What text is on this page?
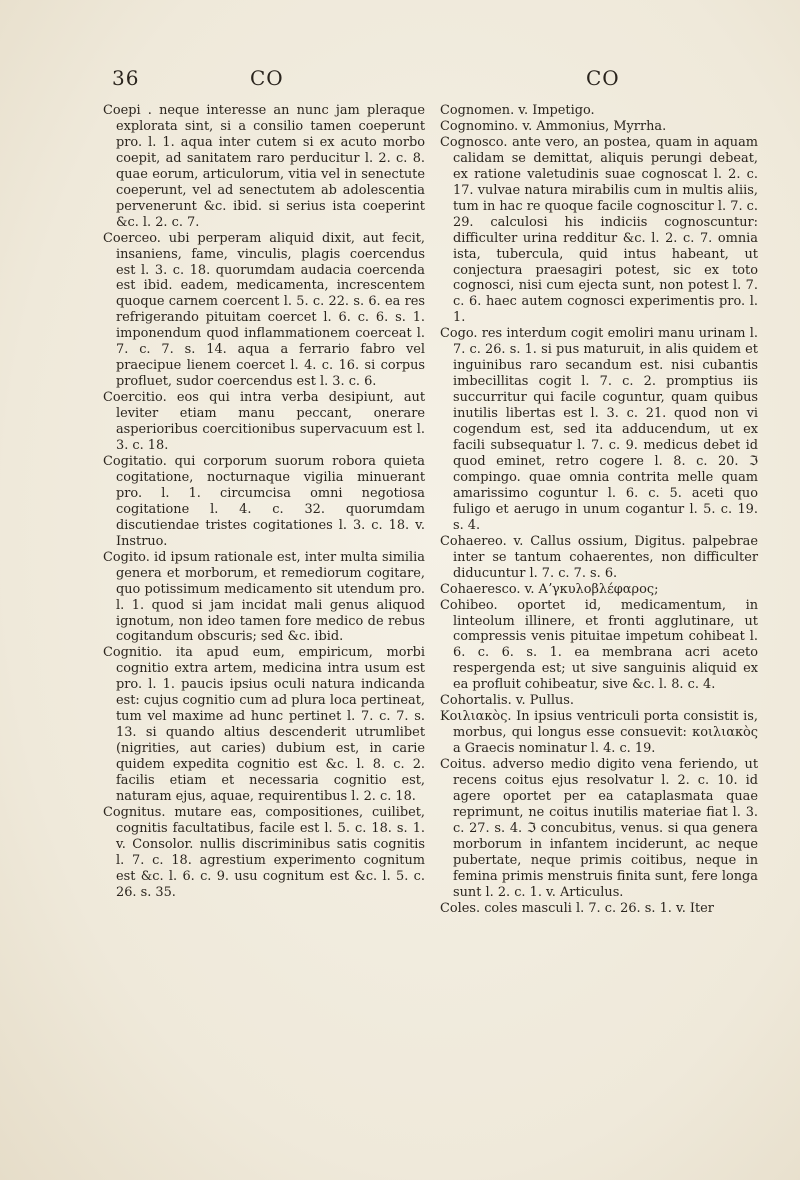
36	CO	CO

Coepi . neque interesse an nunc jam pleraque explorata sint, si a consilio tamen coeperunt pro. l. 1. aqua inter cutem si ex acuto morbo coepit, ad sanitatem raro perducitur l. 2. c. 8. quae eorum, articulorum, vitia vel in senectute coeperunt, vel ad senectutem ab adolescentia pervenerunt &c. ibid. si serius ista coeperint &c. l. 2. c. 7.

Coerceo. ubi perperam aliquid dixit, aut fecit, insaniens, fame, vinculis, plagis coercendus est l. 3. c. 18. quorumdam audacia coercenda est ibid. eadem, medicamenta, increscentem quoque carnem coercent l. 5. c. 22. s. 6. ea res refrigerando pituitam coercet l. 6. c. 6. s. 1. imponendum quod inflammationem coerceat l. 7. c. 7. s. 14. aqua a ferrario fabro vel praecipue lienem coercet l. 4. c. 16. si corpus profluet, sudor coercendus est l. 3. c. 6.

Coercitio. eos qui intra verba desipiunt, aut leviter etiam manu peccant, onerare asperioribus coercitionibus supervacuum est l. 3. c. 18.

Cogitatio. qui corporum suorum robora quieta cogitatione, nocturnaque vigilia minuerant pro. l. 1. circumcisa omni negotiosa cogitatione l. 4. c. 32. quorumdam discutiendae tristes cogitationes l. 3. c. 18. v. Instruo.

Cogito. id ipsum rationale est, inter multa similia genera et morborum, et remediorum cogitare, quo potissimum medicamento sit utendum pro. l. 1. quod si jam incidat mali genus aliquod ignotum, non ideo tamen fore medico de rebus cogitandum obscuris; sed &c. ibid.

Cognitio. ita apud eum, empiricum, morbi cognitio extra artem, medicina intra usum est pro. l. 1. paucis ipsius oculi natura indicanda est: cujus cognitio cum ad plura loca pertineat, tum vel maxime ad hunc pertinet l. 7. c. 7. s. 13. si quando altius descenderit utrumlibet (nigrities, aut caries) dubium est, in carie quidem expedita cognitio est &c. l. 8. c. 2. facilis etiam et necessaria cognitio est, naturam ejus, aquae, requirentibus l. 2. c. 18.

Cognitus. mutare eas, compositiones, cuilibet, cognitis facultatibus, facile est l. 5. c. 18. s. 1. v. Consolor. nullis discriminibus satis cognitis l. 7. c. 18. agrestium experimento cognitum est &c. l. 6. c. 9. usu cognitum est &c. l. 5. c. 26. s. 35.

Cognomen. v. Impetigo.

Cognomino. v. Ammonius, Myrrha.

Cognosco. ante vero, an postea, quam in aquam calidam se demittat, aliquis perungi debeat, ex ratione valetudinis suae cognoscat l. 2. c. 17. vulvae natura mirabilis cum in multis aliis, tum in hac re quoque facile cognoscitur l. 7. c. 29. calculosi his indiciis cognoscuntur: difficulter urina redditur &c. l. 2. c. 7. omnia ista, tubercula, quid intus habeant, ut conjectura praesagiri potest, sic ex toto cognosci, nisi cum ejecta sunt, non potest l. 7. c. 6. haec autem cognosci experimentis pro. l. 1.

Cogo. res interdum cogit emoliri manu urinam l. 7. c. 26. s. 1. si pus maturuit, in alis quidem et inguinibus raro secandum est. nisi cubantis imbecillitas cogit l. 7. c. 2. promptius iis succurritur qui facile coguntur, quam quibus inutilis libertas est l. 3. c. 21. quod non vi cogendum est, sed ita adducendum, ut ex facili subsequatur l. 7. c. 9. medicus debet id quod eminet, retro cogere l. 8. c. 20. ℑ compingo. quae omnia contrita melle quam amarissimo coguntur l. 6. c. 5. aceti quo fuligo et aerugo in unum cogantur l. 5. c. 19. s. 4.

Cohaereo. v. Callus ossium, Digitus. palpebrae inter se tantum cohaerentes, non difficulter diducuntur l. 7. c. 7. s. 6.

Cohaeresco. v. Αʼγκυλοβλέφαρος;

Cohibeo. oportet id, medicamentum, in linteolum illinere, et fronti agglutinare, ut compressis venis pituitae impetum cohibeat l. 6. c. 6. s. 1. ea membrana acri aceto respergenda est; ut sive sanguinis aliquid ex ea profluit cohibeatur, sive &c. l. 8. c. 4.

Cohortalis. v. Pullus.

Κοιλιακὸς. In ipsius ventriculi porta consistit is, morbus, qui longus esse consuevit: κοιλιακὸς a Graecis nominatur l. 4. c. 19.

Coitus. adverso medio digito vena feriendo, ut recens coitus ejus resolvatur l. 2. c. 10. id agere oportet per ea cataplasmata quae reprimunt, ne coitus inutilis materiae fiat l. 3. c. 27. s. 4. ℑ concubitus, venus. si qua genera morborum in infantem inciderunt, ac neque pubertate, neque primis coitibus, neque in femina primis menstruis finita sunt, fere longa sunt l. 2. c. 1. v. Articulus.

Coles. coles masculi l. 7. c. 26. s. 1. v. Iter
